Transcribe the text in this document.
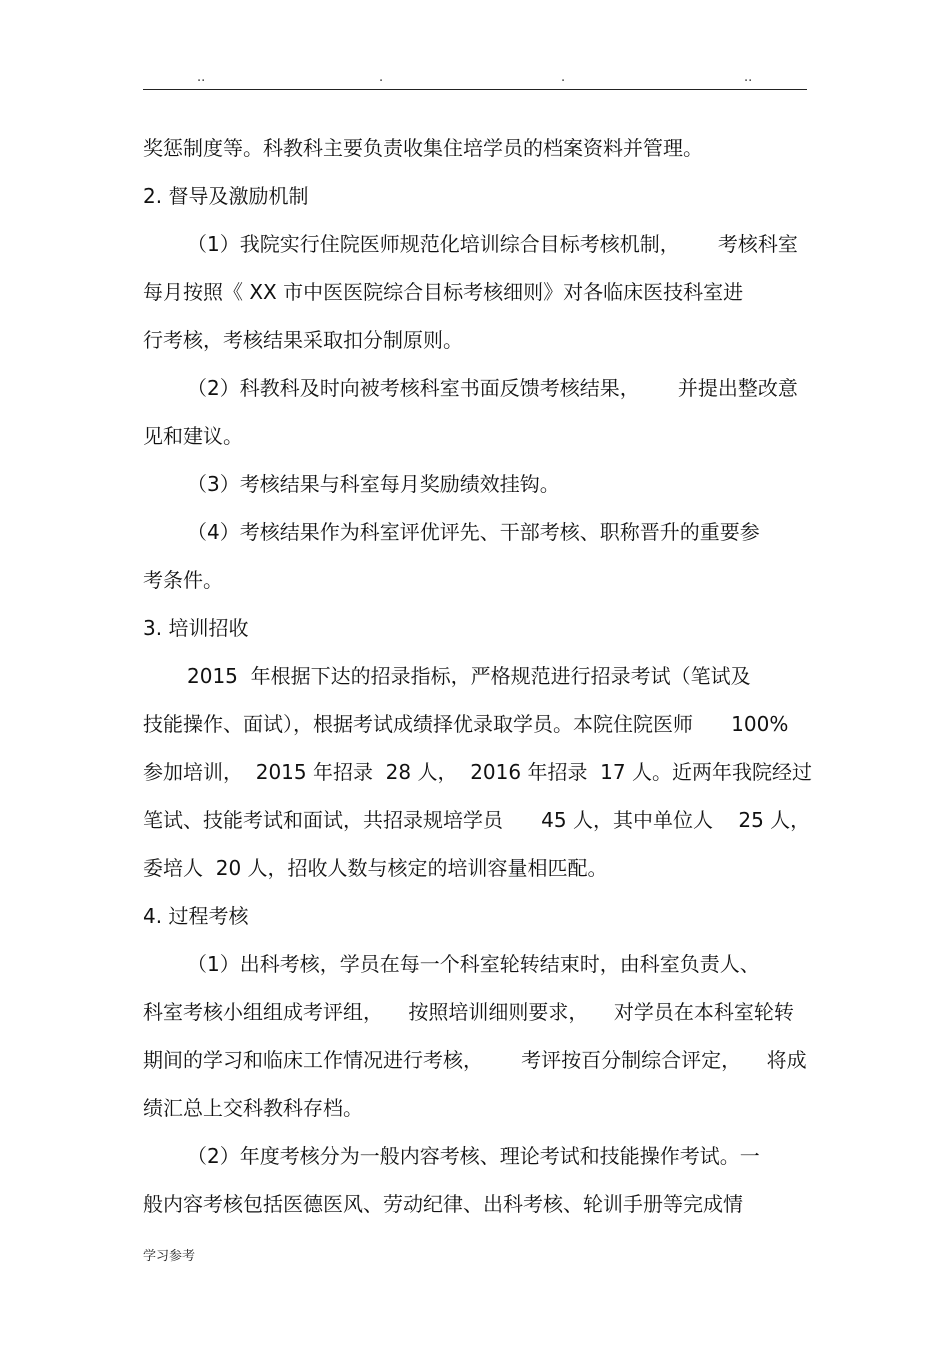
..	.	.	..
奖惩制度等。科教科主要负责收集住培学员的档案资料并管理。
2. 督导及激励机制
（1）我院实行住院医师规范化培训综合目标考核机制，      考核科室
每月按照《 XX 市中医医院综合目标考核细则》对各临床医技科室进
行考核，考核结果采取扣分制原则。
（2）科教科及时向被考核科室书面反馈考核结果，      并提出整改意
见和建议。
（3）考核结果与科室每月奖励绩效挂钩。
（4）考核结果作为科室评优评先、干部考核、职称晋升的重要参
考条件。
3. 培训招收
2015  年根据下达的招录指标，严格规范进行招录考试（笔试及
技能操作、面试），根据考试成绩择优录取学员。本院住院医师      100%
参加培训，  2015 年招录  28 人，  2016 年招录  17 人。近两年我院经过
笔试、技能考试和面试，共招录规培学员      45 人，其中单位人    25 人，
委培人  20 人，招收人数与核定的培训容量相匹配。
4. 过程考核
（1）出科考核，学员在每一个科室轮转结束时，由科室负责人、
科室考核小组组成考评组，    按照培训细则要求，    对学员在本科室轮转
期间的学习和临床工作情况进行考核，      考评按百分制综合评定，    将成
绩汇总上交科教科存档。
（2）年度考核分为一般内容考核、理论考试和技能操作考试。一
般内容考核包括医德医风、劳动纪律、出科考核、轮训手册等完成情
学习参考
